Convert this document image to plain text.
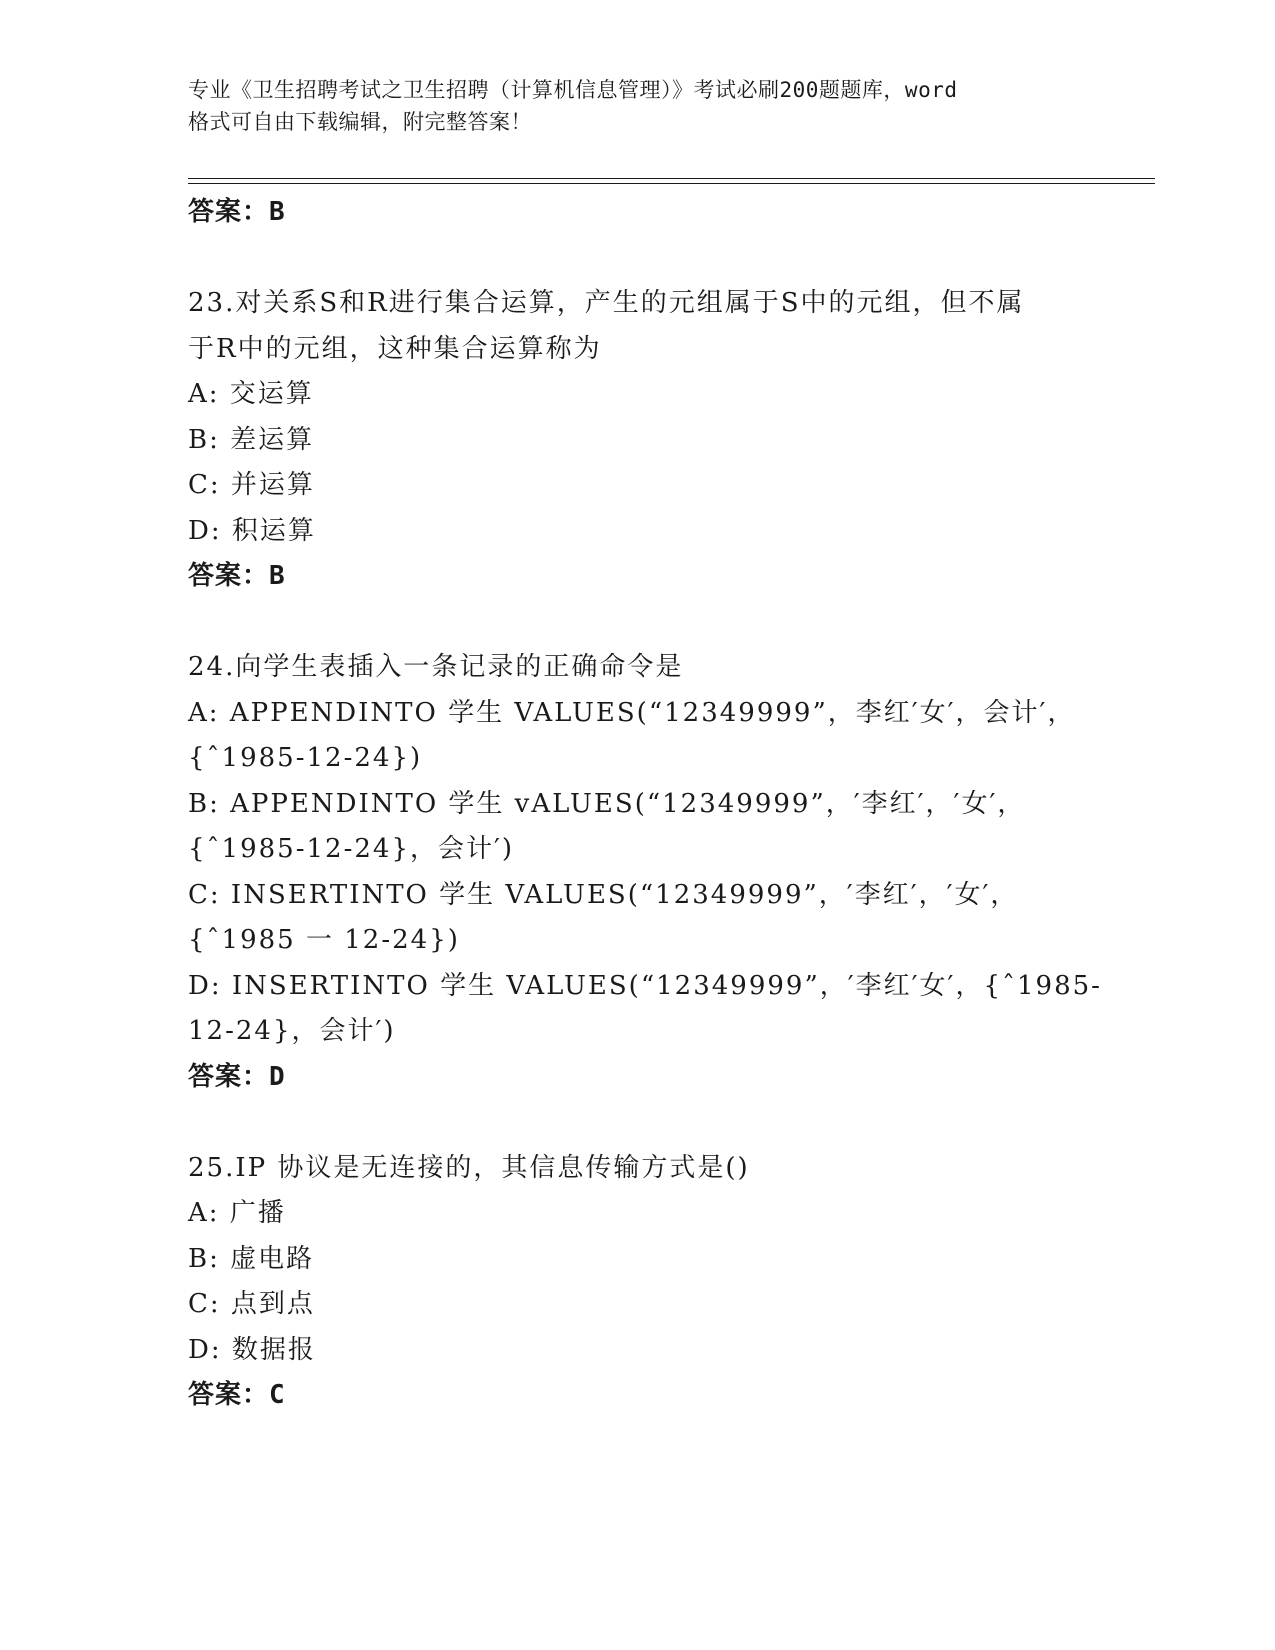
专业《卫生招聘考试之卫生招聘（计算机信息管理）》考试必刷200题题库，word
格式可自由下载编辑，附完整答案！
答案：B
23.对关系S和R进行集合运算，产生的元组属于S中的元组，但不属
于R中的元组，这种集合运算称为
A: 交运算
B: 差运算
C: 并运算
D: 积运算
答案：B
24.向学生表插入一条记录的正确命令是
A: APPENDINTO 学生 VALUES(“12349999”，李红′女′，会计′，
{ˆ1985-12-24})
B: APPENDINTO 学生 vALUES(“12349999”，′李红′，′女′，
{ˆ1985-12-24}，会计′)
C: INSERTINTO 学生 VALUES(“12349999”，′李红′，′女′，
{ˆ1985 一 12-24})
D: INSERTINTO 学生 VALUES(“12349999”，′李红′女′，{ˆ1985-
12-24}，会计′)
答案：D
25.IP 协议是无连接的，其信息传输方式是()
A: 广播
B: 虚电路
C: 点到点
D: 数据报
答案：C
